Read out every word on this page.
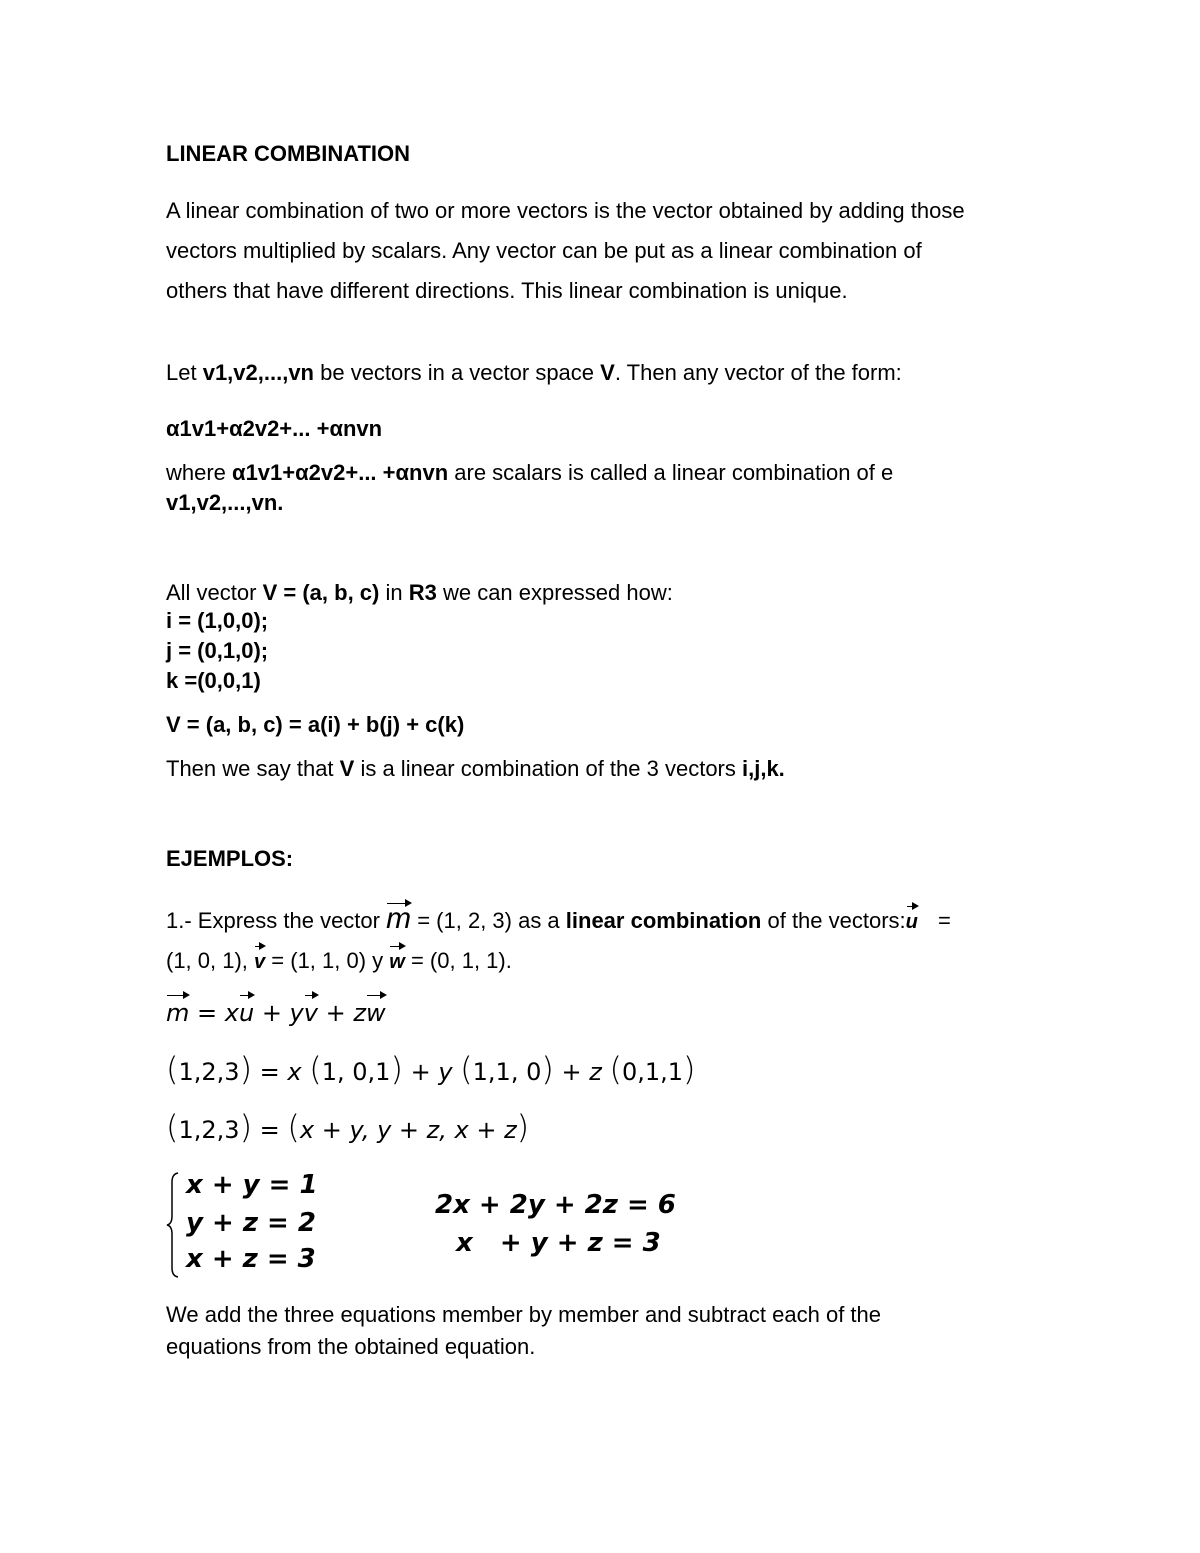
LINEAR COMBINATION
A linear combination of two or more vectors is the vector obtained by adding those
vectors multiplied by scalars. Any vector can be put as a linear combination of
others that have different directions. This linear combination is unique.
Let v1,v2,...,vn be vectors in a vector space V. Then any vector of the form:
α1v1+α2v2+... +αnvn
where α1v1+α2v2+... +αnvn are scalars is called a linear combination of e
v1,v2,...,vn.
All vector V = (a, b, c) in R3 we can expressed how:
i = (1,0,0);
j = (0,1,0);
k =(0,0,1)
V = (a, b, c) = a(i) + b(j) + c(k)
Then we say that V is a linear combination of the 3 vectors i,j,k.
EJEMPLOS:
1.- Express the vector m = (1, 2, 3) as a linear combination of the vectors:u =
(1, 0, 1), v = (1, 1, 0) y w = (0, 1, 1).
m = xu + yv + zw
(1,2,3) = x (1, 0,1) + y (1,1, 0) + z (0,1,1)
(1,2,3) = (x + y, y + z, x + z)
x + y = 1
y + z = 2
x + z = 3
2x + 2y + 2z = 6
x   + y + z = 3
We add the three equations member by member and subtract each of the
equations from the obtained equation.
